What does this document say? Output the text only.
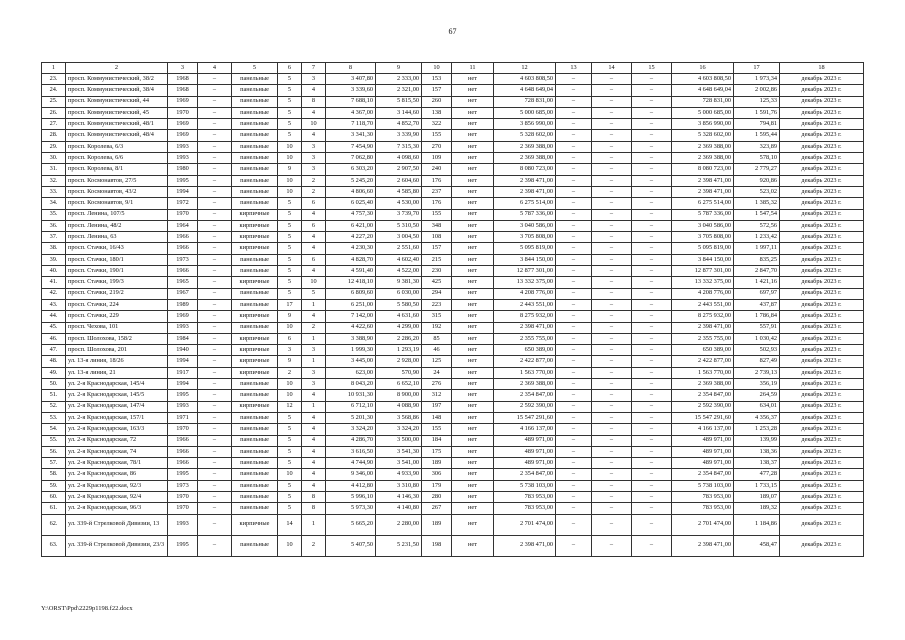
67
1	2	3	4	5	6	7	8	9	10	11	12	13	14	15	16	17	18
23.	просп. Коммунистический, 38/2	1968	–	панельные	5	3	3 407,80	2 333,00	153	нет	4 603 808,50	–	–	–	4 603 808,50	1 973,34	декабрь 2023 г.
24.	просп. Коммунистический, 38/4	1968	–	панельные	5	4	3 339,60	2 321,00	157	нет	4 648 649,04	–	–	–	4 648 649,04	2 002,86	декабрь 2023 г.
25.	просп. Коммунистический, 44	1969	–	панельные	5	8	7 688,10	5 815,50	260	нет	728 831,00	–	–	–	728 831,00	125,33	декабрь 2023 г.
26.	просп. Коммунистический, 45	1970	–	панельные	5	4	4 367,00	3 144,60	138	нет	5 000 685,00	–	–	–	5 000 685,00	1 591,76	декабрь 2023 г.
27.	просп. Коммунистический, 48/1	1969	–	панельные	5	10	7 118,70	4 852,70	322	нет	3 856 990,00	–	–	–	3 856 990,00	794,81	декабрь 2023 г.
28.	просп. Коммунистический, 48/4	1969	–	панельные	5	4	3 341,30	3 339,90	155	нет	5 328 602,00	–	–	–	5 328 602,00	1 595,44	декабрь 2023 г.
29.	просп. Королева, 6/3	1993	–	панельные	10	3	7 454,90	7 315,30	270	нет	2 369 388,00	–	–	–	2 369 388,00	323,89	декабрь 2023 г.
30.	просп. Королева, 6/6	1993	–	панельные	10	3	7 062,80	4 098,60	109	нет	2 369 388,00	–	–	–	2 369 388,00	578,10	декабрь 2023 г.
31.	просп. Королева, 8/1	1980	–	панельные	9	3	6 303,20	2 907,50	240	нет	8 080 723,00	–	–	–	8 080 723,00	2 779,27	декабрь 2023 г.
32.	просп. Космонавтов, 27/5	1995	–	панельные	10	2	5 245,20	2 604,60	176	нет	2 398 471,00	–	–	–	2 398 471,00	920,86	декабрь 2023 г.
33.	просп. Космонавтов, 43/2	1994	–	панельные	10	2	4 806,60	4 585,80	237	нет	2 398 471,00	–	–	–	2 398 471,00	523,02	декабрь 2023 г.
34.	просп. Космонавтов, 9/1	1972	–	панельные	5	6	6 025,40	4 530,00	176	нет	6 275 514,00	–	–	–	6 275 514,00	1 385,32	декабрь 2023 г.
35.	просп. Ленина, 107/5	1970	–	кирпичные	5	4	4 757,30	3 739,70	155	нет	5 787 336,00	–	–	–	5 787 336,00	1 547,54	декабрь 2023 г.
36.	просп. Ленина, 48/2	1964	–	кирпичные	5	6	6 421,00	5 310,50	348	нет	3 040 586,00	–	–	–	3 040 586,00	572,56	декабрь 2023 г.
37.	просп. Ленина, 63	1966	–	кирпичные	5	4	4 227,20	3 004,50	108	нет	3 705 808,00	–	–	–	3 705 808,00	1 233,42	декабрь 2023 г.
38.	просп. Стачки, 16/43	1966	–	кирпичные	5	4	4 230,30	2 551,60	157	нет	5 095 819,00	–	–	–	5 095 819,00	1 997,11	декабрь 2023 г.
39.	просп. Стачки, 180/1	1973	–	панельные	5	6	4 828,70	4 602,40	215	нет	3 844 150,00	–	–	–	3 844 150,00	835,25	декабрь 2023 г.
40.	просп. Стачки, 190/1	1966	–	панельные	5	4	4 591,40	4 522,00	230	нет	12 877 301,00	–	–	–	12 877 301,00	2 847,70	декабрь 2023 г.
41.	просп. Стачки, 199/3	1965	–	кирпичные	5	10	12 418,10	9 381,30	425	нет	13 332 375,00	–	–	–	13 332 375,00	1 421,16	декабрь 2023 г.
42.	просп. Стачки, 219/2	1967	–	панельные	5	5	6 809,60	6 030,00	294	нет	4 208 776,00	–	–	–	4 208 776,00	697,97	декабрь 2023 г.
43.	просп. Стачки, 224	1989	–	панельные	17	1	6 251,00	5 580,50	223	нет	2 443 551,00	–	–	–	2 443 551,00	437,87	декабрь 2023 г.
44.	просп. Стачки, 229	1969	–	кирпичные	9	4	7 142,00	4 631,60	315	нет	8 275 932,00	–	–	–	8 275 932,00	1 786,84	декабрь 2023 г.
45.	просп. Чехова, 101	1993	–	панельные	10	2	4 422,60	4 299,00	192	нет	2 398 471,00	–	–	–	2 398 471,00	557,91	декабрь 2023 г.
46.	просп. Шолохова, 158/2	1984	–	кирпичные	6	1	3 388,90	2 286,20	85	нет	2 355 755,00	–	–	–	2 355 755,00	1 030,42	декабрь 2023 г.
47.	просп. Шолохова, 201	1940	–	кирпичные	3	3	1 999,30	1 293,19	46	нет	650 389,00	–	–	–	650 389,00	502,93	декабрь 2023 г.
48.	ул. 13-я линия, 18/26	1994	–	кирпичные	9	1	3 445,00	2 928,00	125	нет	2 422 877,00	–	–	–	2 422 877,00	827,49	декабрь 2023 г.
49.	ул. 13-я линия, 21	1917	–	кирпичные	2	3	623,00	570,90	24	нет	1 563 770,00	–	–	–	1 563 770,00	2 739,13	декабрь 2023 г.
50.	ул. 2-я Краснодарская, 145/4	1994	–	панельные	10	3	8 043,20	6 652,10	276	нет	2 369 388,00	–	–	–	2 369 388,00	356,19	декабрь 2023 г.
51.	ул. 2-я Краснодарская, 145/5	1995	–	панельные	10	4	10 931,30	8 900,00	312	нет	2 354 847,00	–	–	–	2 354 847,00	264,59	декабрь 2023 г.
52.	ул. 2-я Краснодарская, 147/4	1993	–	кирпичные	12	1	6 712,10	4 088,90	197	нет	2 592 390,00	–	–	–	2 592 390,00	634,01	декабрь 2023 г.
53.	ул. 2-я Краснодарская, 157/1	1971	–	панельные	5	4	5 201,30	3 568,86	148	нет	15 547 291,60	–	–	–	15 547 291,60	4 356,37	декабрь 2023 г.
54.	ул. 2-я Краснодарская, 163/3	1970	–	панельные	5	4	3 324,20	3 324,20	155	нет	4 166 137,00	–	–	–	4 166 137,00	1 253,28	декабрь 2023 г.
55.	ул. 2-я Краснодарская, 72	1966	–	панельные	5	4	4 286,70	3 500,00	184	нет	489 971,00	–	–	–	489 971,00	139,99	декабрь 2023 г.
56.	ул. 2-я Краснодарская, 74	1966	–	панельные	5	4	3 616,50	3 541,30	175	нет	489 971,00	–	–	–	489 971,00	138,36	декабрь 2023 г.
57.	ул. 2-я Краснодарская, 78/1	1966	–	панельные	5	4	4 744,90	3 541,00	189	нет	489 971,00	–	–	–	489 971,00	138,37	декабрь 2023 г.
58.	ул. 2-я Краснодарская, 86	1995	–	панельные	10	4	9 346,00	4 933,90	306	нет	2 354 847,00	–	–	–	2 354 847,00	477,28	декабрь 2023 г.
59.	ул. 2-я Краснодарская, 92/3	1973	–	панельные	5	4	4 412,80	3 310,80	179	нет	5 738 103,00	–	–	–	5 738 103,00	1 733,15	декабрь 2023 г.
60.	ул. 2-я Краснодарская, 92/4	1970	–	панельные	5	8	5 996,10	4 146,30	280	нет	783 953,00	–	–	–	783 953,00	189,07	декабрь 2023 г.
61.	ул. 2-я Краснодарская, 96/3	1970	–	панельные	5	8	5 973,30	4 140,80	267	нет	783 953,00	–	–	–	783 953,00	189,32	декабрь 2023 г.
62.	ул. 339-й Стрелковой Дивизии, 13	1993	–	кирпичные	14	1	5 665,20	2 280,00	189	нет	2 701 474,00	–	–	–	2 701 474,00	1 184,86	декабрь 2023 г.
63.	ул. 339-й Стрелковой Дивизии, 23/3	1995	–	панельные	10	2	5 407,50	5 231,50	198	нет	2 398 471,00	–	–	–	2 398 471,00	458,47	декабрь 2023 г.
Y:\ORST\Ppd\2229p1198.f22.docx
